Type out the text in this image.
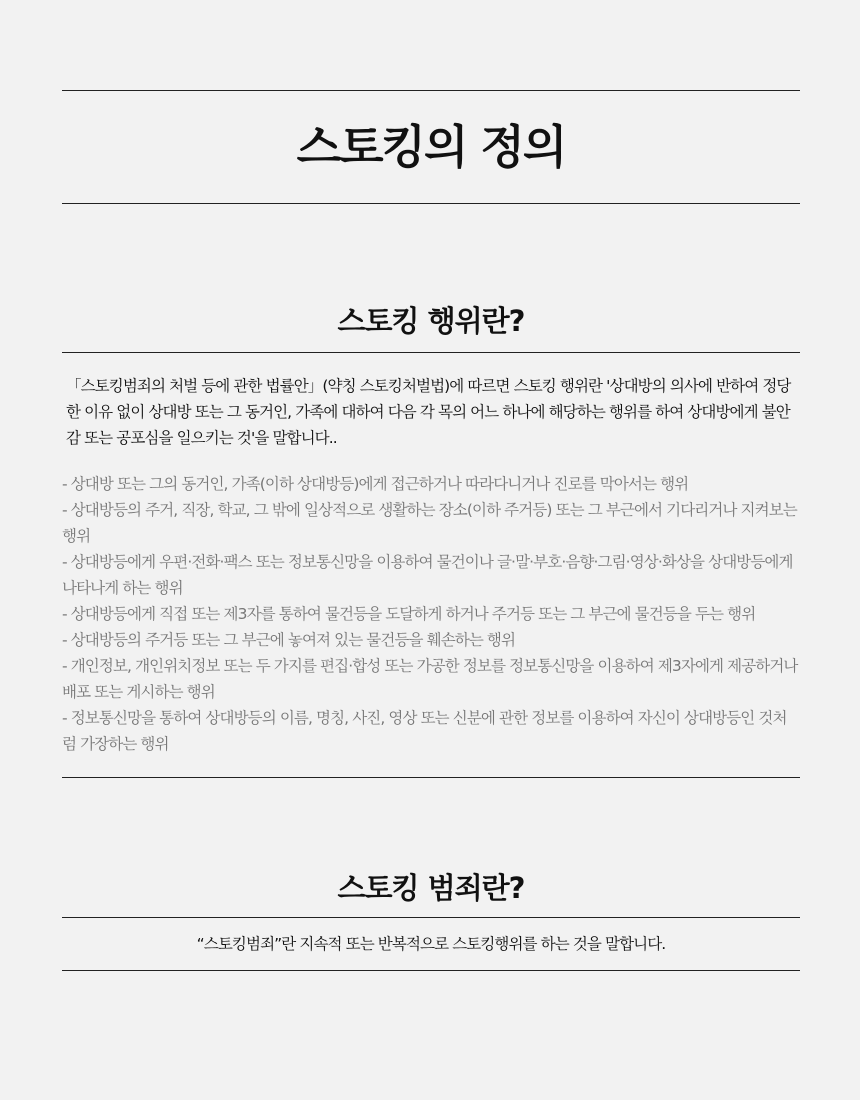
스토킹의 정의
스토킹 행위란?

「스토킹범죄의 처벌 등에 관한 법률안」(약칭 스토킹처벌법)에 따르면 스토킹 행위란 '상대방의 의사에 반하여 정당한 이유 없이 상대방 또는 그 동거인, 가족에 대하여 다음 각 목의 어느 하나에 해당하는 행위를 하여 상대방에게 불안감 또는 공포심을 일으키는 것'을 말합니다..

- 상대방 또는 그의 동거인, 가족(이하 상대방등)에게 접근하거나 따라다니거나 진로를 막아서는 행위
- 상대방등의 주거, 직장, 학교, 그 밖에 일상적으로 생활하는 장소(이하 주거등) 또는 그 부근에서 기다리거나 지켜보는 행위
- 상대방등에게 우편·전화·팩스 또는 정보통신망을 이용하여 물건이나 글·말·부호·음향·그림·영상·화상을 상대방등에게 나타나게 하는 행위
- 상대방등에게 직접 또는 제3자를 통하여 물건등을 도달하게 하거나 주거등 또는 그 부근에 물건등을 두는 행위
- 상대방등의 주거등 또는 그 부근에 놓여져 있는 물건등을 훼손하는 행위
- 개인정보, 개인위치정보 또는 두 가지를 편집·합성 또는 가공한 정보를 정보통신망을 이용하여 제3자에게 제공하거나 배포 또는 게시하는 행위
- 정보통신망을 통하여 상대방등의 이름, 명칭, 사진, 영상 또는 신분에 관한 정보를 이용하여 자신이 상대방등인 것처럼 가장하는 행위
스토킹 범죄란?

“스토킹범죄”란 지속적 또는 반복적으로 스토킹행위를 하는 것을 말합니다.
